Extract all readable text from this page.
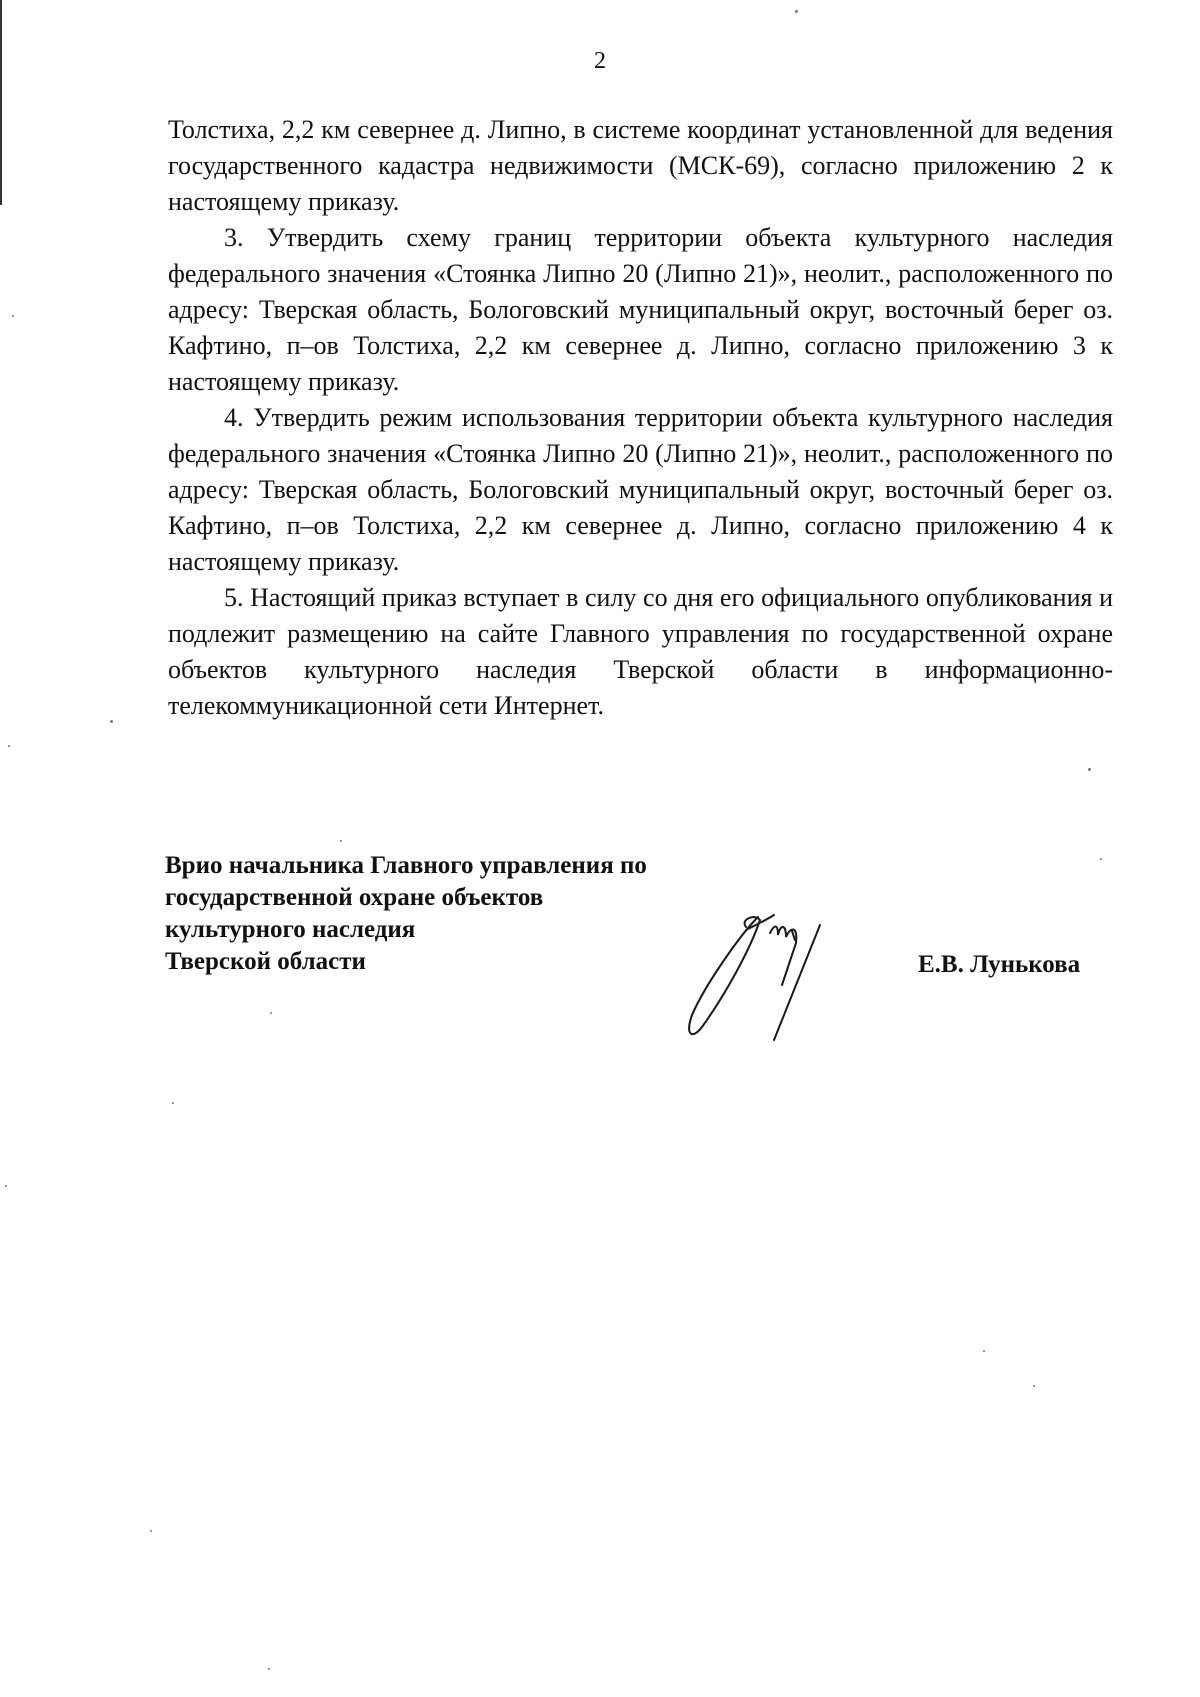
2

Толстиха, 2,2 км севернее д. Липно, в системе координат установленной для ведения государственного кадастра недвижимости (МСК-69), согласно приложению 2 к настоящему приказу.

3. Утвердить схему границ территории объекта культурного наследия федерального значения «Стоянка Липно 20 (Липно 21)», неолит., расположенного по адресу: Тверская область, Бологовский муниципальный округ, восточный берег оз. Кафтино, п–ов Толстиха, 2,2 км севернее д. Липно, согласно приложению 3 к настоящему приказу.

4. Утвердить режим использования территории объекта культурного наследия федерального значения «Стоянка Липно 20 (Липно 21)», неолит., расположенного по адресу: Тверская область, Бологовский муниципальный округ, восточный берег оз. Кафтино, п–ов Толстиха, 2,2 км севернее д. Липно, согласно приложению 4 к настоящему приказу.

5. Настоящий приказ вступает в силу со дня его официального опубликования и подлежит размещению на сайте Главного управления по государственной охране объектов культурного наследия Тверской области в информационно-телекоммуникационной сети Интернет.

Врио начальника Главного управления по
государственной охране объектов
культурного наследия
Тверской области	Е.В. Лунькова
